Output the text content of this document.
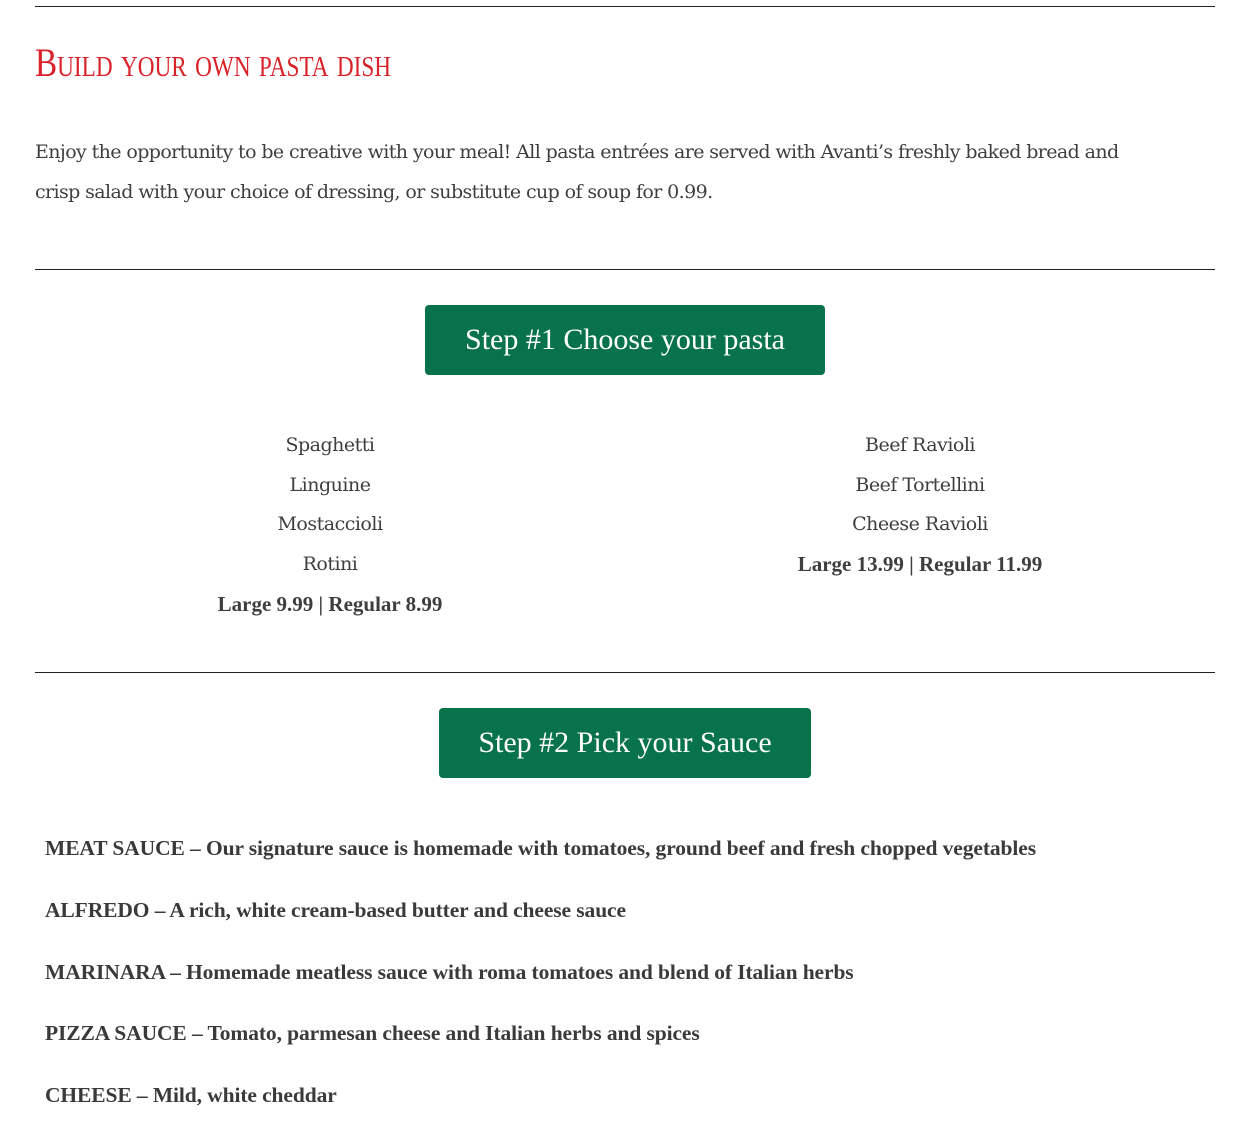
Build your own pasta dish

Enjoy the opportunity to be creative with your meal! All pasta entrées are served with Avanti’s freshly baked bread and crisp salad with your choice of dressing, or substitute cup of soup for 0.99.

Step #1 Choose your pasta
Spaghetti
Linguine
Mostaccioli
Rotini
Large 9.99 | Regular 8.99
Beef Ravioli
Beef Tortellini
Cheese Ravioli
Large 13.99 | Regular 11.99
Step #2 Pick your Sauce
MEAT SAUCE – Our signature sauce is homemade with tomatoes, ground beef and fresh chopped vegetables
ALFREDO – A rich, white cream-based butter and cheese sauce
MARINARA – Homemade meatless sauce with roma tomatoes and blend of Italian herbs
PIZZA SAUCE – Tomato, parmesan cheese and Italian herbs and spices
CHEESE – Mild, white cheddar
